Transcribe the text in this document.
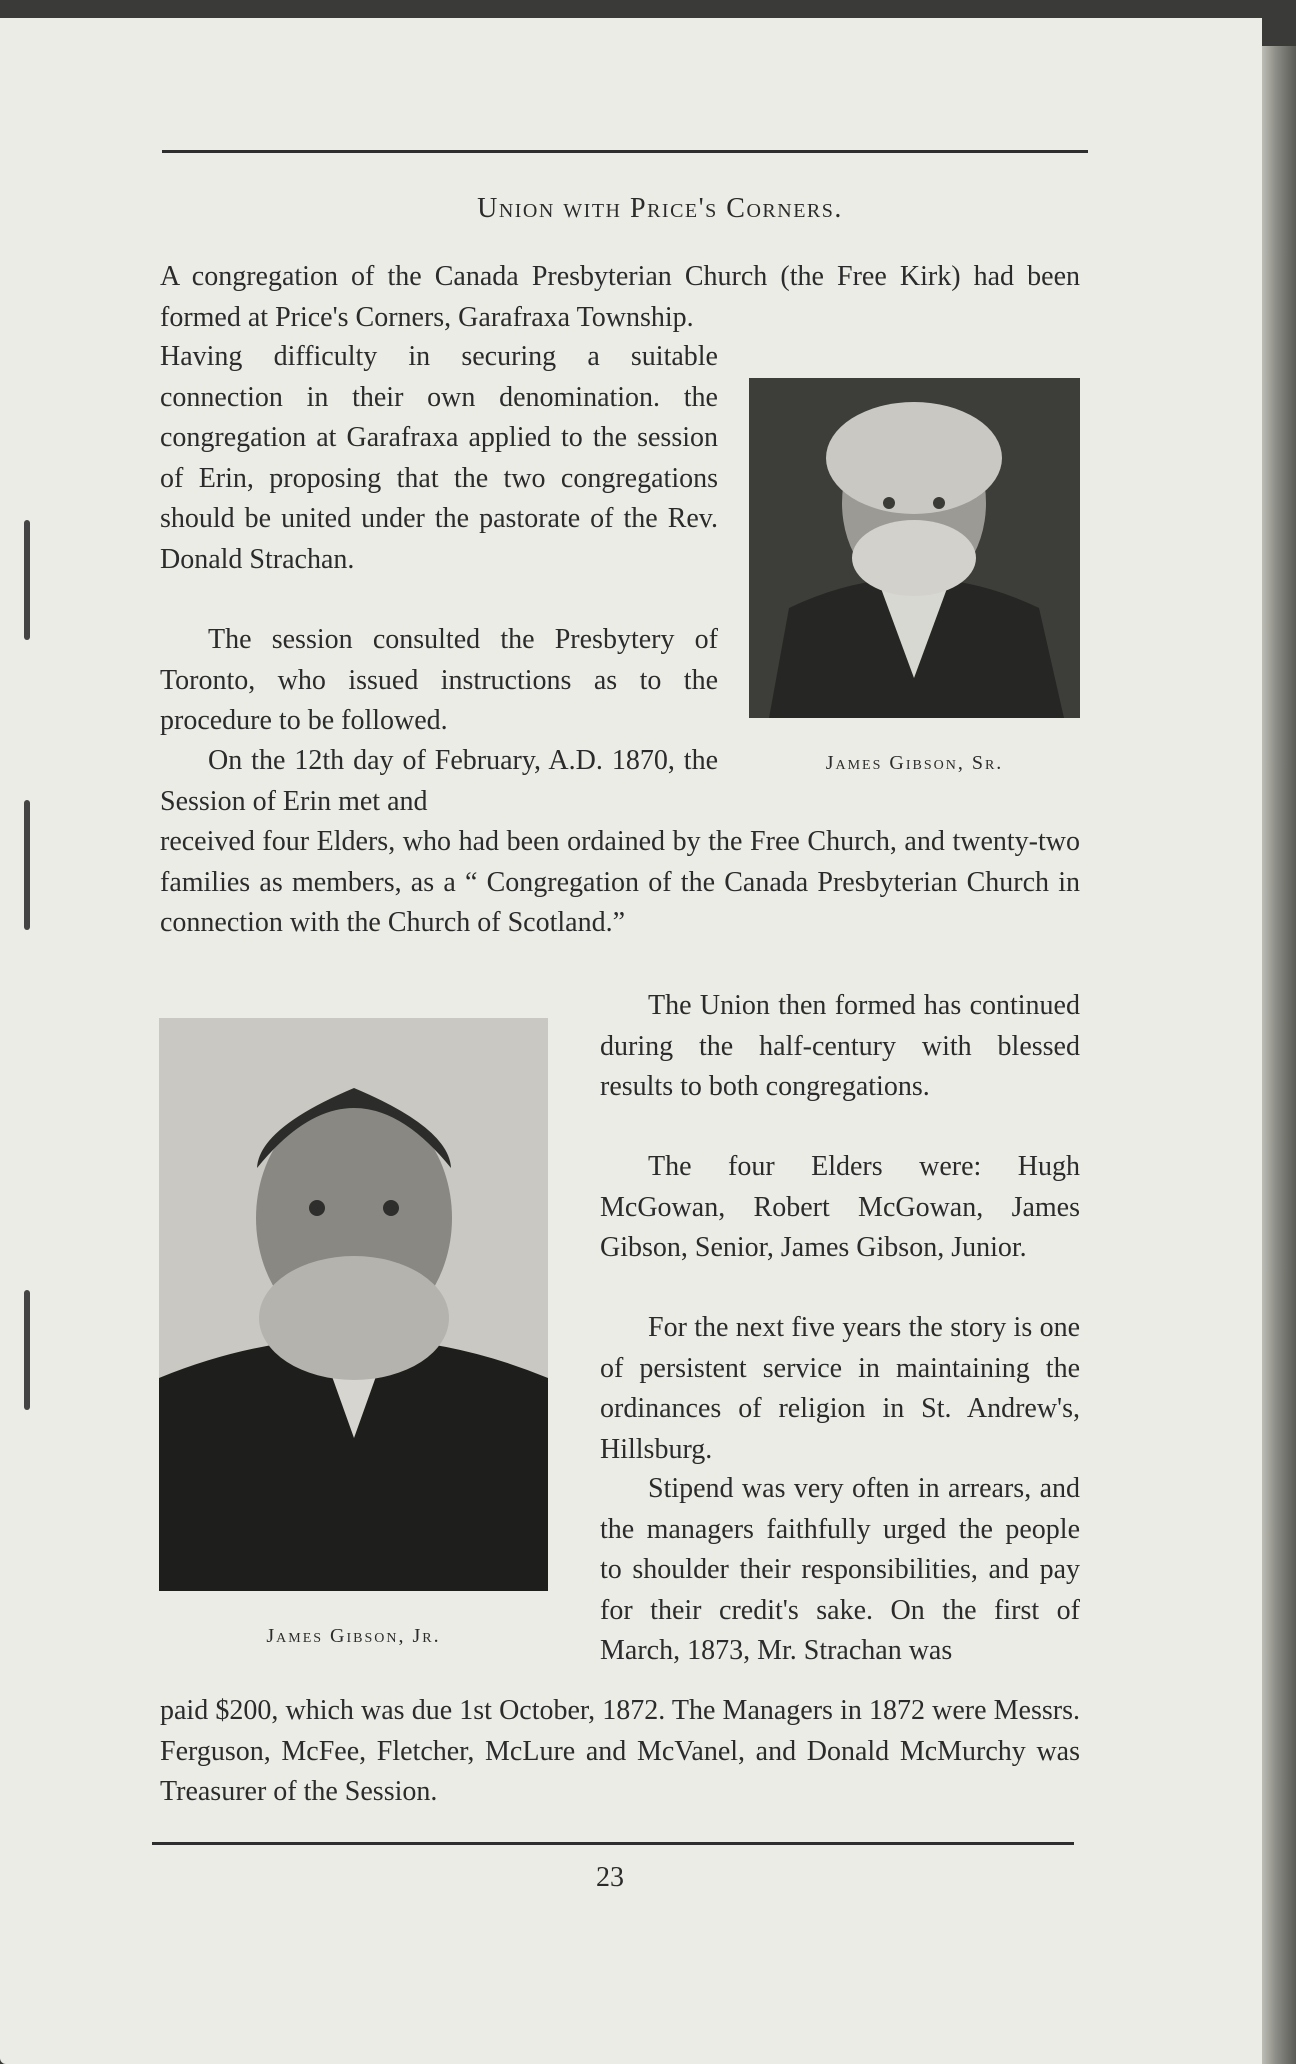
Union with Price's Corners.

A congregation of the Canada Presbyterian Church (the Free Kirk) had been formed at Price's Corners, Garafraxa Township.

Having difficulty in securing a suitable connection in their own denomination. the congregation at Garafraxa applied to the session of Erin, proposing that the two congregations should be united under the pastorate of the Rev. Donald Strachan.

The session consulted the Presbytery of Toronto, who issued instructions as to the procedure to be followed.

On the 12th day of February, A.D. 1870, the Session of Erin met and

received four Elders, who had been ordained by the Free Church, and twenty-two families as members, as a “ Congregation of the Canada Presbyterian Church in connection with the Church of Scotland.”

James Gibson, Sr.
James Gibson, Jr.

The Union then formed has continued during the half-century with blessed results to both congregations.

The four Elders were: Hugh McGowan, Robert McGowan, James Gibson, Senior, James Gibson, Junior.

For the next five years the story is one of persistent service in maintaining the ordinances of religion in St. Andrew's, Hillsburg.

Stipend was very often in arrears, and the managers faithfully urged the people to shoulder their responsibilities, and pay for their credit's sake. On the first of March, 1873, Mr. Strachan was

paid $200, which was due 1st October, 1872. The Managers in 1872 were Messrs. Ferguson, McFee, Fletcher, McLure and McVanel, and Donald McMurchy was Treasurer of the Session.

23
